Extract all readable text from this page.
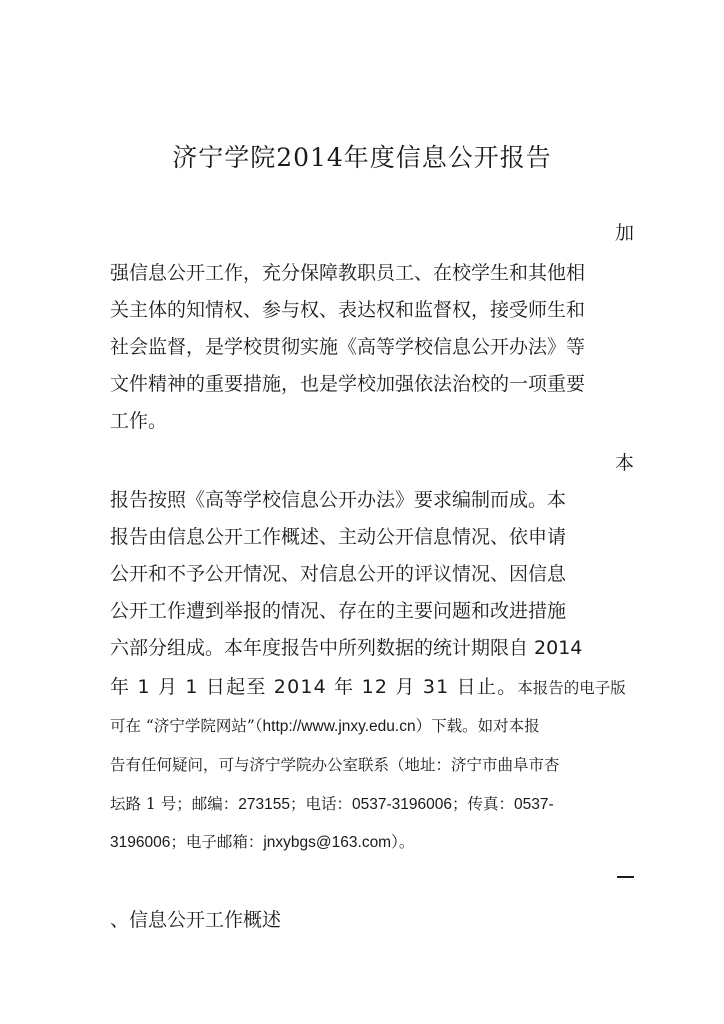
济宁学院2014年度信息公开报告
加
强信息公开工作，充分保障教职员工、在校学生和其他相
关主体的知情权、参与权、表达权和监督权，接受师生和
社会监督，是学校贯彻实施《高等学校信息公开办法》等
文件精神的重要措施，也是学校加强依法治校的一项重要
工作。
本
报告按照《高等学校信息公开办法》要求编制而成。本
报告由信息公开工作概述、主动公开信息情况、依申请
公开和不予公开情况、对信息公开的评议情况、因信息
公开工作遭到举报的情况、存在的主要问题和改进措施
六部分组成。本年度报告中所列数据的统计期限自 2014
年 1 月 1 日起至 2014 年 12 月 31 日止。本报告的电子版
可在 “济宁学院网站”（http://www.jnxy.edu.cn）下载。如对本报
告有任何疑问，可与济宁学院办公室联系（地址：济宁市曲阜市杏
坛路 1 号；邮编：273155；电话：0537-3196006；传真：0537-
3196006；电子邮箱：jnxybgs@163.com）。
、信息公开工作概述
